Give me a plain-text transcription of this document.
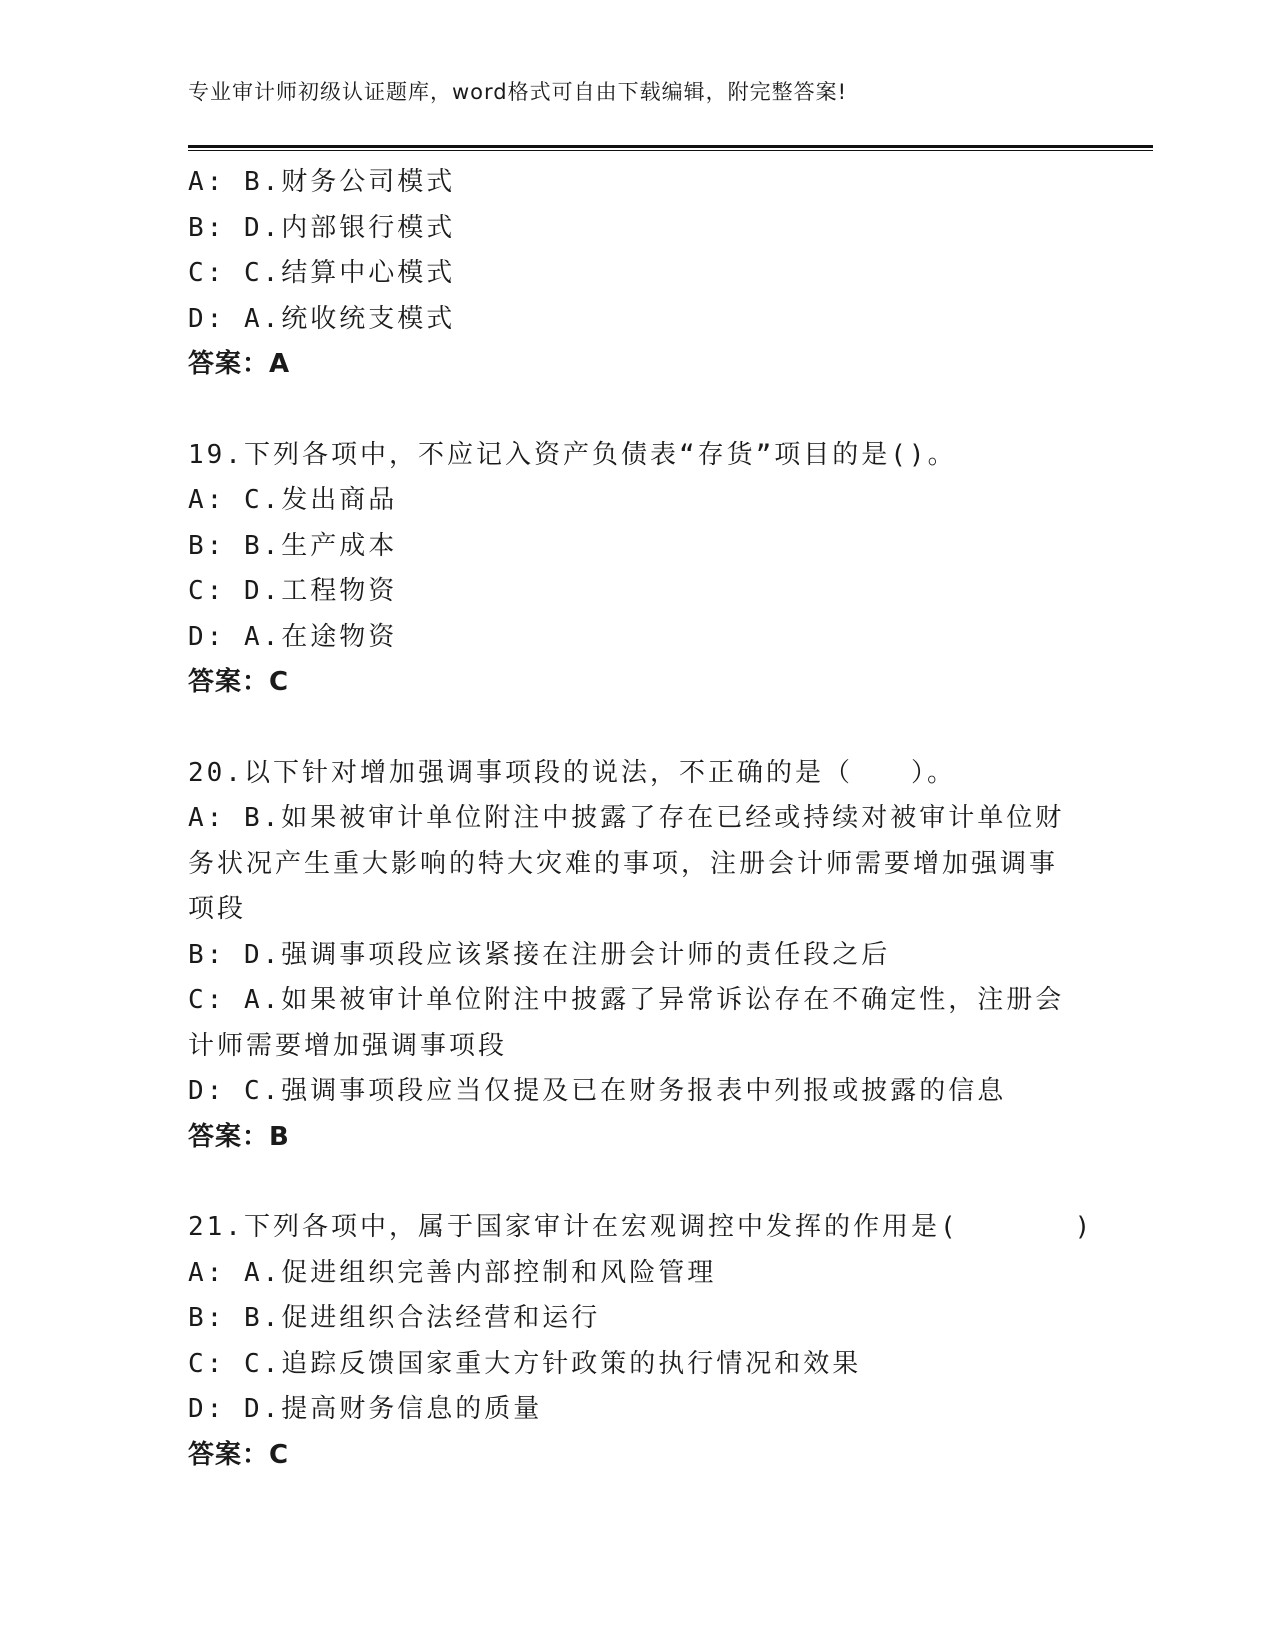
专业审计师初级认证题库，word格式可自由下载编辑，附完整答案!
A: B.财务公司模式
B: D.内部银行模式
C: C.结算中心模式
D: A.统收统支模式
答案：A
19.下列各项中，不应记入资产负债表“存货”项目的是()。
A: C.发出商品
B: B.生产成本
C: D.工程物资
D: A.在途物资
答案：C
20.以下针对增加强调事项段的说法，不正确的是（　　）。
A: B.如果被审计单位附注中披露了存在已经或持续对被审计单位财务状况产生重大影响的特大灾难的事项，注册会计师需要增加强调事项段
B: D.强调事项段应该紧接在注册会计师的责任段之后
C: A.如果被审计单位附注中披露了异常诉讼存在不确定性，注册会计师需要增加强调事项段
D: C.强调事项段应当仅提及已在财务报表中列报或披露的信息
答案：B
21.下列各项中，属于国家审计在宏观调控中发挥的作用是(　　　　)
A: A.促进组织完善内部控制和风险管理
B: B.促进组织合法经营和运行
C: C.追踪反馈国家重大方针政策的执行情况和效果
D: D.提高财务信息的质量
答案：C
